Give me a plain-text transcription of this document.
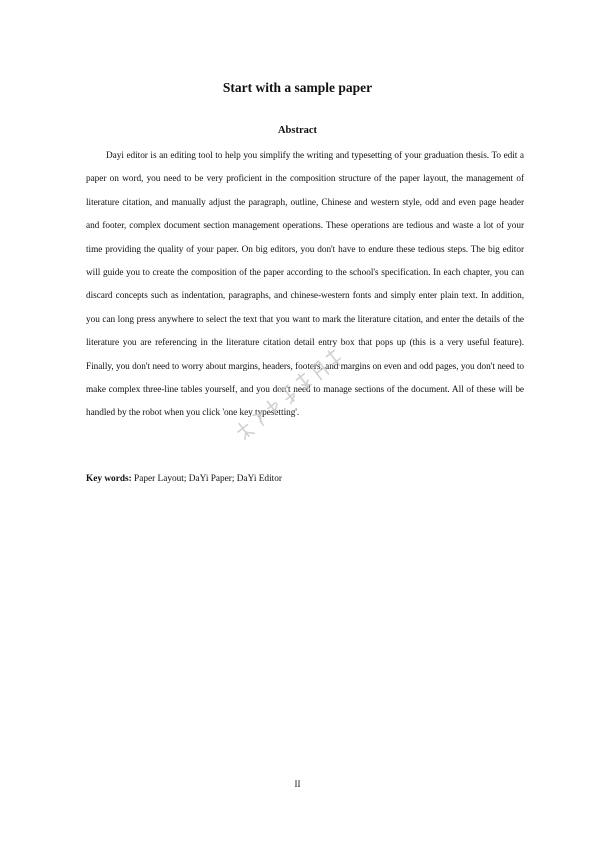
Start with a sample paper
Abstract

Dayi editor is an editing tool to help you simplify the writing and typesetting of your graduation thesis. To edit a paper on word, you need to be very proficient in the composition structure of the paper layout, the management of literature citation, and manually adjust the paragraph, outline, Chinese and western style, odd and even page header and footer, complex document section management operations. These operations are tedious and waste a lot of your time providing the quality of your paper. On big editors, you don't have to endure these tedious steps. The big editor will guide you to create the composition of the paper according to the school's specification. In each chapter, you can discard concepts such as indentation, paragraphs, and chinese-western fonts and simply enter plain text. In addition, you can long press anywhere to select the text that you want to mark the literature citation, and enter the details of the literature you are referencing in the literature citation detail entry box that pops up (this is a very useful feature). Finally, you don't need to worry about margins, headers, footers, and margins on even and odd pages, you don't need to make complex three-line tables yourself, and you don't need to manage sections of the document. All of these will be handled by the robot when you click 'one key typesetting'.

Key words: Paper Layout; DaYi Paper; DaYi Editor

II
